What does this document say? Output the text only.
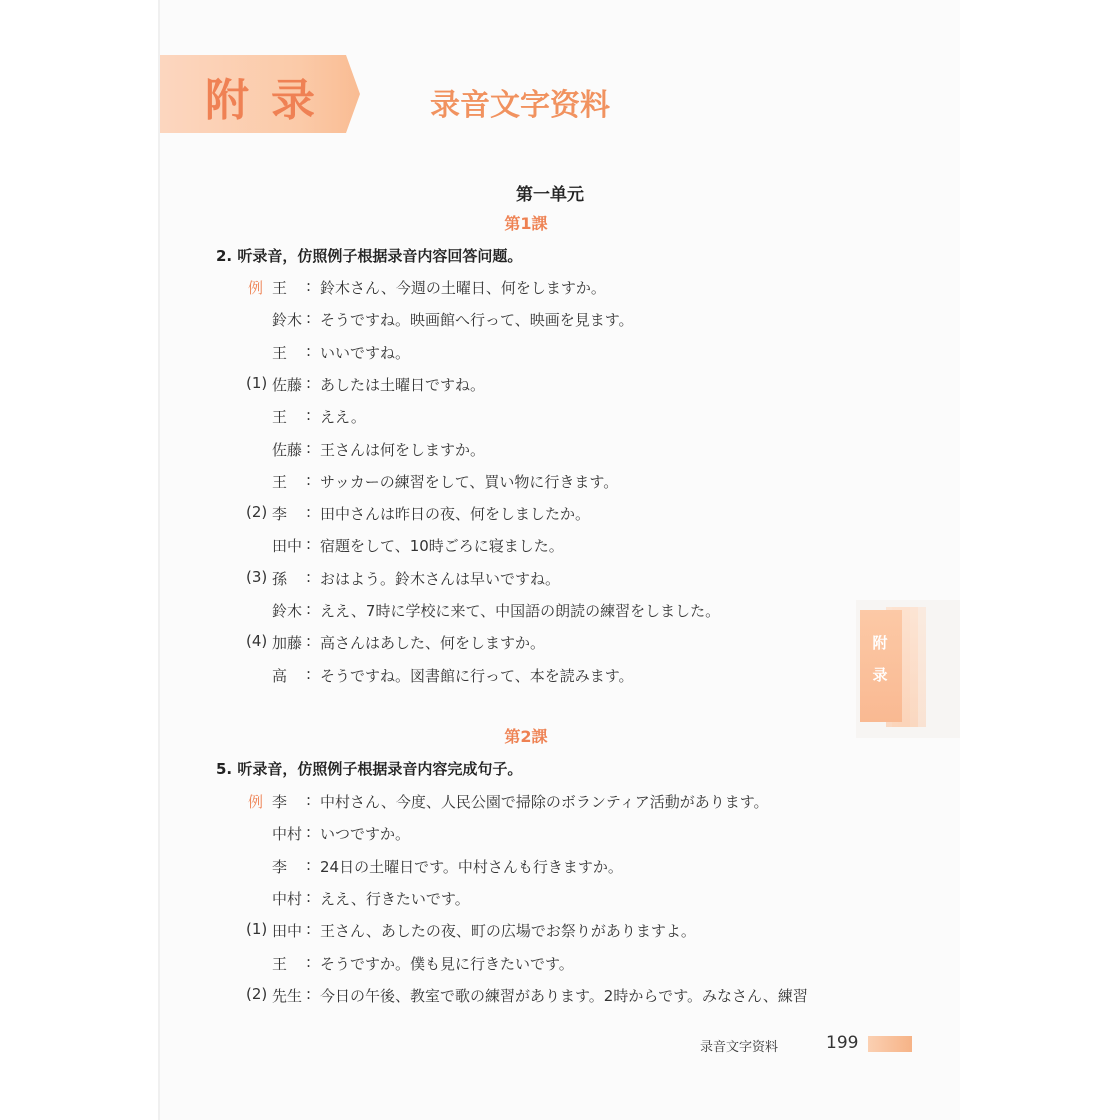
附录	录音文字资料
第一单元
第1課
2. 听录音，仿照例子根据录音内容回答问题。
例 王 : 鈴木さん、今週の土曜日、何をしますか。
鈴木 : そうですね。映画館へ行って、映画を見ます。
王 : いいですね。
(1) 佐藤 : あしたは土曜日ですね。
王 : ええ。
佐藤 : 王さんは何をしますか。
王 : サッカーの練習をして、買い物に行きます。
(2) 李 : 田中さんは昨日の夜、何をしましたか。
田中 : 宿題をして、10時ごろに寝ました。
(3) 孫 : おはよう。鈴木さんは早いですね。
鈴木 : ええ、7時に学校に来て、中国語の朗読の練習をしました。
(4) 加藤 : 高さんはあした、何をしますか。
高 : そうですね。図書館に行って、本を読みます。
第2課
5. 听录音，仿照例子根据录音内容完成句子。
例 李 : 中村さん、今度、人民公園で掃除のボランティア活動があります。
中村 : いつですか。
李 : 24日の土曜日です。中村さんも行きますか。
中村 : ええ、行きたいです。
(1) 田中 : 王さん、あしたの夜、町の広場でお祭りがありますよ。
王 : そうですか。僕も見に行きたいです。
(2) 先生 : 今日の午後、教室で歌の練習があります。2時からです。みなさん、練習
附
录
录音文字资料	199
